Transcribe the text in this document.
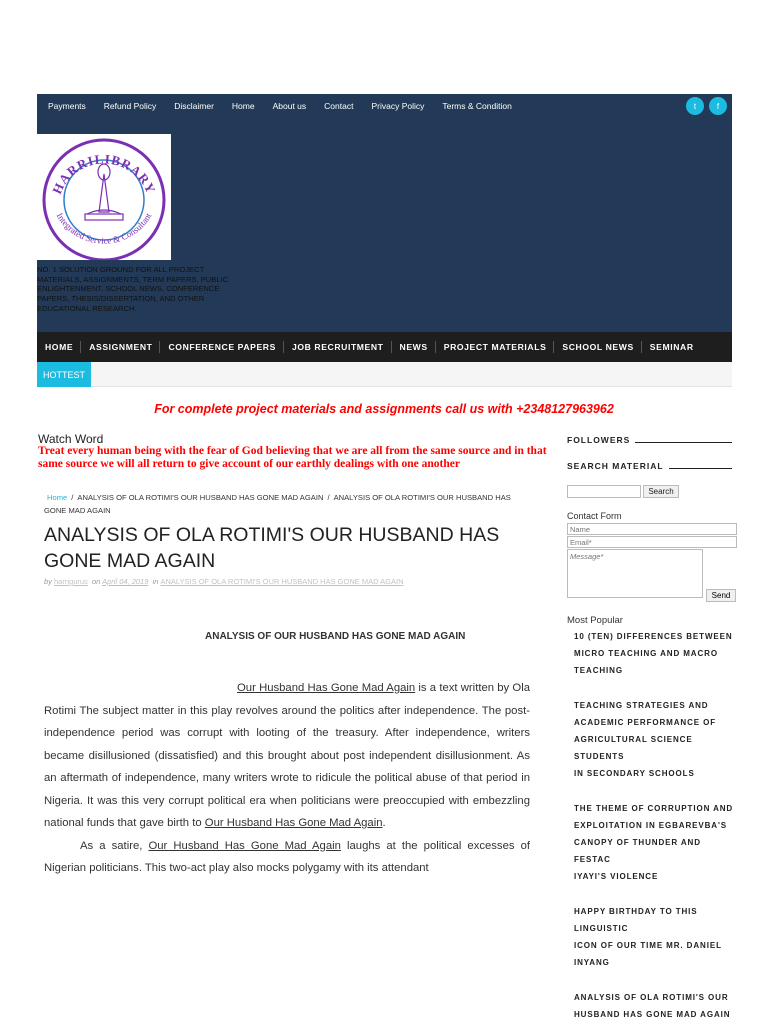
Payments Refund Policy Disclaimer Home About us Contact Privacy Policy Terms & Condition	t	f
HARRILIBRARY
Integrated Service & Consultant
NO. 1 SOLUTION GROUND FOR ALL PROJECT MATERIALS, ASSIGNMENTS, TERM PAPERS, PUBLIC ENLIGHTENMENT, SCHOOL NEWS, CONFERENCE PAPERS, THESIS/DISSERTATION, AND OTHER EDUCATIONAL RESEARCH.
HOME	ASSIGNMENT	CONFERENCE PAPERS	JOB RECRUITMENT	NEWS	PROJECT MATERIALS	SCHOOL NEWS	SEMINAR
HOTTEST
For complete project materials and assignments call us with +2348127963962
Watch Word
Treat every human being with the fear of God believing that we are all from the same source and in that same source we will all return to give account of our earthly dealings with one another
Home / ANALYSIS OF OLA ROTIMI'S OUR HUSBAND HAS GONE MAD AGAIN / ANALYSIS OF OLA ROTIMI'S OUR HUSBAND HAS GONE MAD AGAIN
ANALYSIS OF OLA ROTIMI'S OUR HUSBAND HAS GONE MAD AGAIN
by harrigurus on April 04, 2019 in ANALYSIS OF OLA ROTIMI'S OUR HUSBAND HAS GONE MAD AGAIN
ANALYSIS OF OUR HUSBAND HAS GONE MAD AGAIN

Our Husband Has Gone Mad Again is a text written by Ola Rotimi The subject matter in this play revolves around the politics after independence. The post-independence period was corrupt with looting of the treasury. After independence, writers became disillusioned (dissatisfied) and this brought about post independent disillusionment. As an aftermath of independence, many writers wrote to ridicule the political abuse of that period in Nigeria. It was this very corrupt political era when politicians were preoccupied with embezzling national funds that gave birth to Our Husband Has Gone Mad Again.

As a satire, Our Husband Has Gone Mad Again laughs at the political excesses of Nigerian politicians. This two-act play also mocks polygamy with its attendant

FOLLOWERS
SEARCH MATERIAL
Search
Contact Form
Name
Email*
Message*
Send
Most Popular
10 (TEN) DIFFERENCES BETWEEN
MICRO TEACHING AND MACRO
TEACHING
TEACHING STRATEGIES AND
ACADEMIC PERFORMANCE OF
AGRICULTURAL SCIENCE STUDENTS
IN SECONDARY SCHOOLS
THE THEME OF CORRUPTION AND
EXPLOITATION IN EGBAREVBA'S
CANOPY OF THUNDER AND FESTAC
IYAYI'S VIOLENCE
HAPPY BIRTHDAY TO THIS LINGUISTIC
ICON OF OUR TIME MR. DANIEL
INYANG
ANALYSIS OF OLA ROTIMI'S OUR
HUSBAND HAS GONE MAD AGAIN
